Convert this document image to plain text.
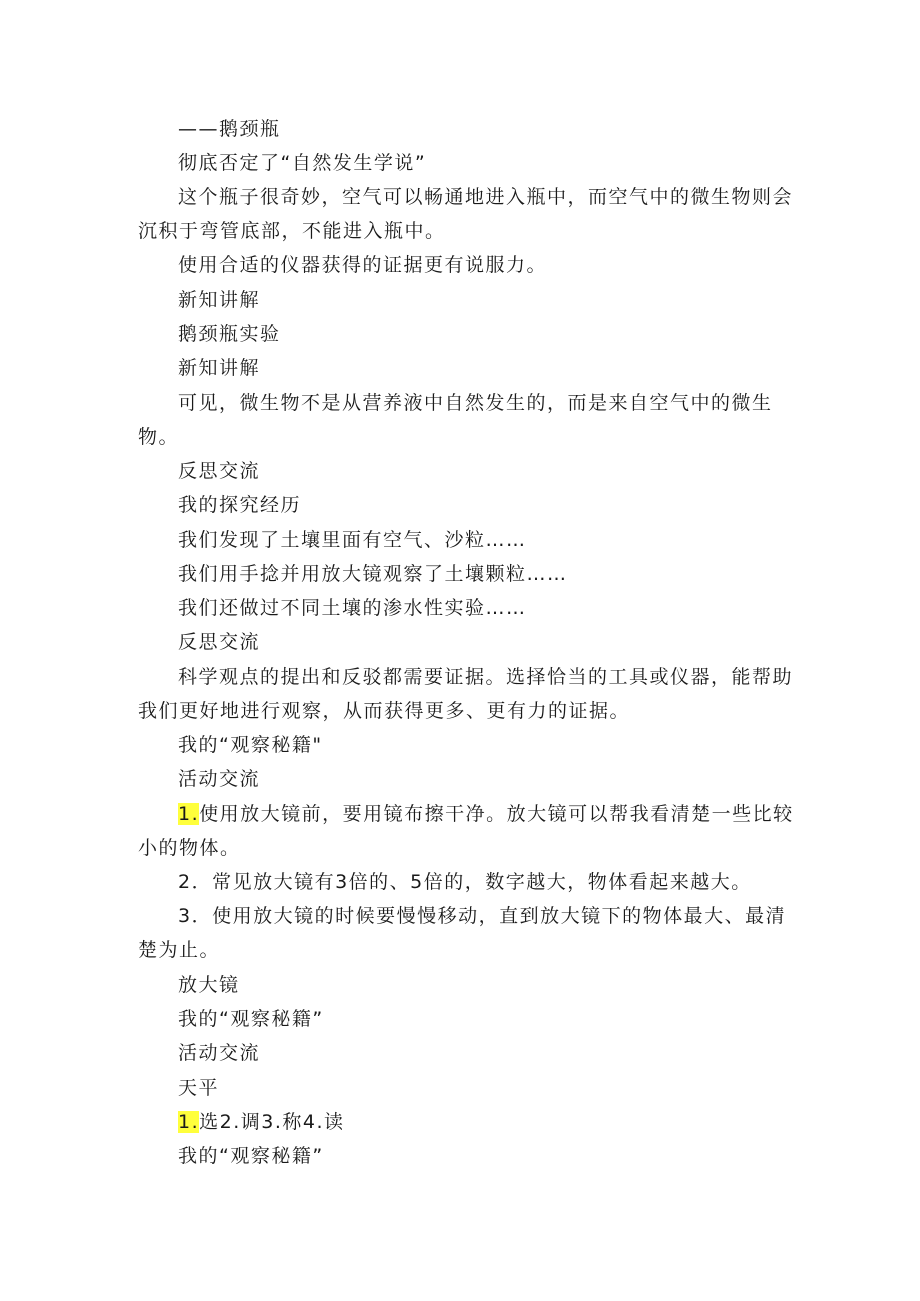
——鹅颈瓶
彻底否定了“自然发生学说”
这个瓶子很奇妙，空气可以畅通地进入瓶中，而空气中的微生物则会
沉积于弯管底部，不能进入瓶中。
使用合适的仪器获得的证据更有说服力。
新知讲解
鹅颈瓶实验
新知讲解
可见，微生物不是从营养液中自然发生的，而是来自空气中的微生
物。
反思交流
我的探究经历
我们发现了土壤里面有空气、沙粒……
我们用手捻并用放大镜观察了土壤颗粒……
我们还做过不同土壤的渗水性实验……
反思交流
科学观点的提出和反驳都需要证据。选择恰当的工具或仪器，能帮助
我们更好地进行观察，从而获得更多、更有力的证据。
我的“观察秘籍"
活动交流
1.使用放大镜前，要用镜布擦干净。放大镜可以帮我看清楚一些比较
小的物体。
2．常见放大镜有3倍的、5倍的，数字越大，物体看起来越大。
3．使用放大镜的时候要慢慢移动，直到放大镜下的物体最大、最清
楚为止。
放大镜
我的“观察秘籍”
活动交流
天平
1.选2.调3.称4.读
我的“观察秘籍”
